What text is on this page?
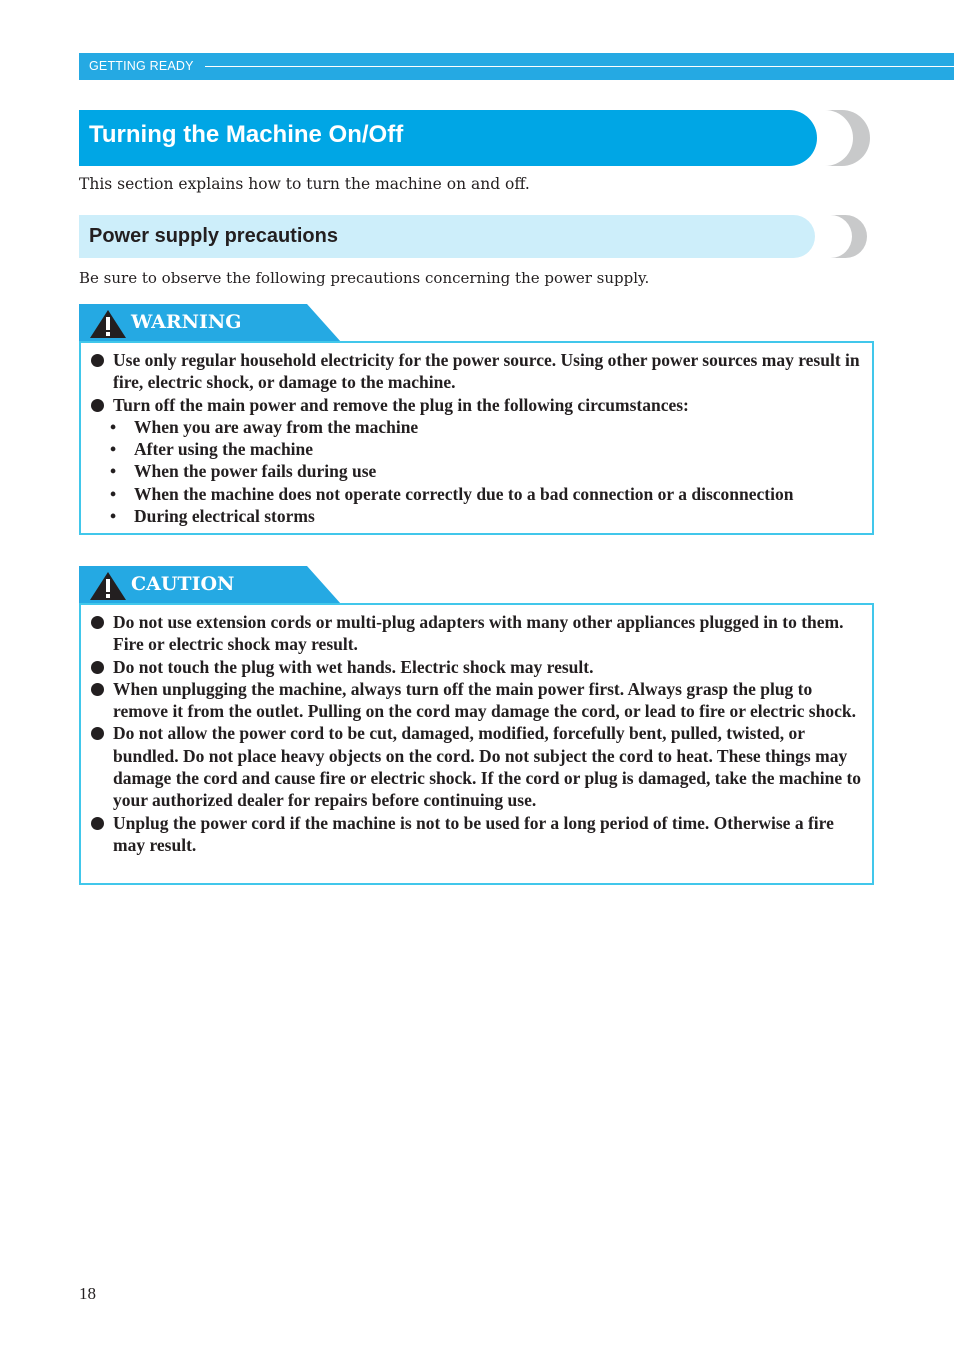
GETTING READY
Turning the Machine On/Off
This section explains how to turn the machine on and off.
Power supply precautions
Be sure to observe the following precautions concerning the power supply.
WARNING
Use only regular household electricity for the power source. Using other power sources may result in fire, electric shock, or damage to the machine.
Turn off the main power and remove the plug in the following circumstances:
• When you are away from the machine
• After using the machine
• When the power fails during use
• When the machine does not operate correctly due to a bad connection or a disconnection
• During electrical storms
CAUTION
Do not use extension cords or multi-plug adapters with many other appliances plugged in to them. Fire or electric shock may result.
Do not touch the plug with wet hands. Electric shock may result.
When unplugging the machine, always turn off the main power first. Always grasp the plug to remove it from the outlet. Pulling on the cord may damage the cord, or lead to fire or electric shock.
Do not allow the power cord to be cut, damaged, modified, forcefully bent, pulled, twisted, or bundled. Do not place heavy objects on the cord. Do not subject the cord to heat. These things may damage the cord and cause fire or electric shock. If the cord or plug is damaged, take the machine to your authorized dealer for repairs before continuing use.
Unplug the power cord if the machine is not to be used for a long period of time. Otherwise a fire may result.
18
